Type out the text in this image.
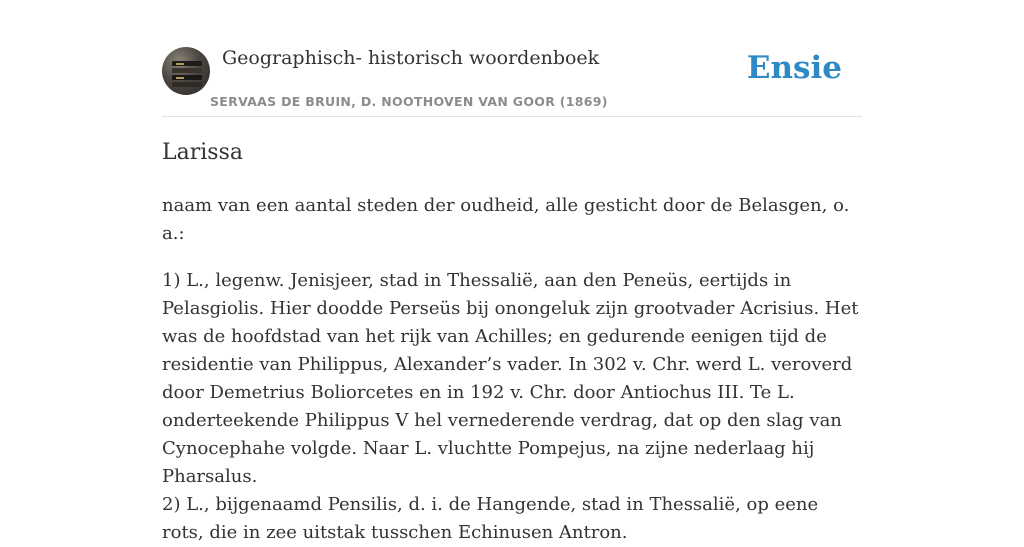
Geographisch- historisch woordenboek
SERVAAS DE BRUIN, D. NOOTHOVEN VAN GOOR (1869)
Ensie
Larissa

naam van een aantal steden der oudheid, alle gesticht door de Belasgen, o. a.:

1) L., legenw. Jenisjeer, stad in Thessalië, aan den Peneüs, eertijds in Pelasgiolis. Hier doodde Perseüs bij onongeluk zijn grootvader Acrisius. Het was de hoofdstad van het rijk van Achilles; en gedurende eenigen tijd de residentie van Philippus, Alexander’s vader. In 302 v. Chr. werd L. veroverd door Demetrius Boliorcetes en in 192 v. Chr. door Antiochus III. Te L. onderteekende Philippus V hel vernederende verdrag, dat op den slag van Cynocephahe volgde. Naar L. vluchtte Pompejus, na zijne nederlaag hij Pharsalus.

2) L., bijgenaamd Pensilis, d. i. de Hangende, stad in Thessalië, op eene rots, die in zee uitstak tusschen Echinusen Antron.
